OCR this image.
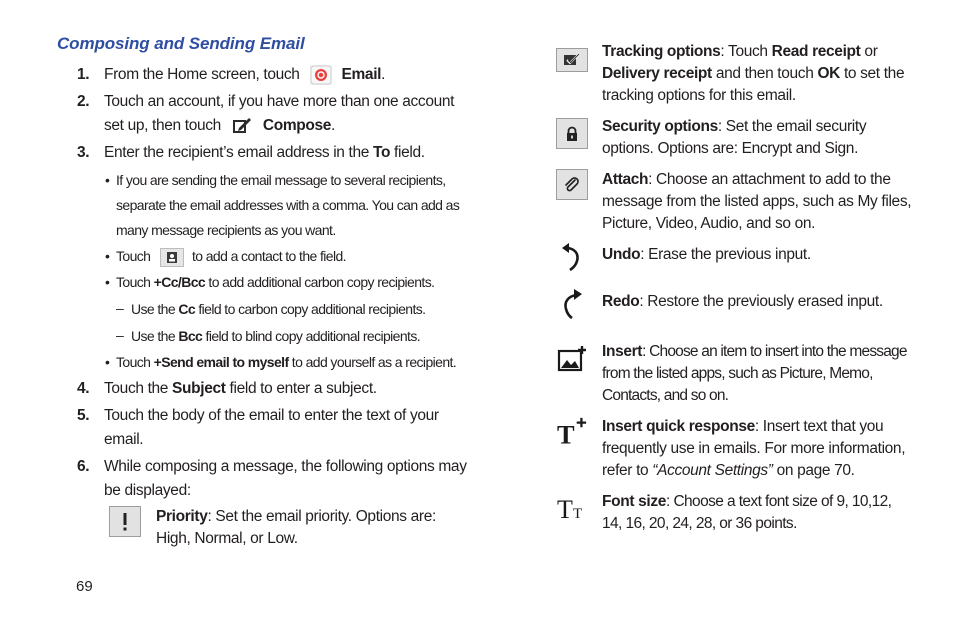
Composing and Sending Email
1. From the Home screen, touch	Email.
2. Touch an account, if you have more than one account set up, then touch	Compose.
3. Enter the recipient’s email address in the To field.
• If you are sending the email message to several recipients, separate the email addresses with a comma. You can add as many message recipients as you want.
• Touch	to add a contact to the field.
• Touch +Cc/Bcc to add additional carbon copy recipients.
– Use the Cc field to carbon copy additional recipients.
– Use the Bcc field to blind copy additional recipients.
• Touch +Send email to myself to add yourself as a recipient.
4. Touch the Subject field to enter a subject.
5. Touch the body of the email to enter the text of your email.
6. While composing a message, the following options may be displayed:
Priority: Set the email priority. Options are: High, Normal, or Low.
Tracking options: Touch Read receipt or Delivery receipt and then touch OK to set the tracking options for this email.
Security options: Set the email security options. Options are: Encrypt and Sign.
Attach: Choose an attachment to add to the message from the listed apps, such as My files, Picture, Video, Audio, and so on.
Undo: Erase the previous input.
Redo: Restore the previously erased input.
Insert: Choose an item to insert into the message from the listed apps, such as Picture, Memo, Contacts, and so on.
T Insert quick response: Insert text that you frequently use in emails. For more information, refer to “Account Settings” on page 70.
T T
Font size: Choose a text font size of 9, 10,12, 14, 16, 20, 24, 28, or 36 points.
69
